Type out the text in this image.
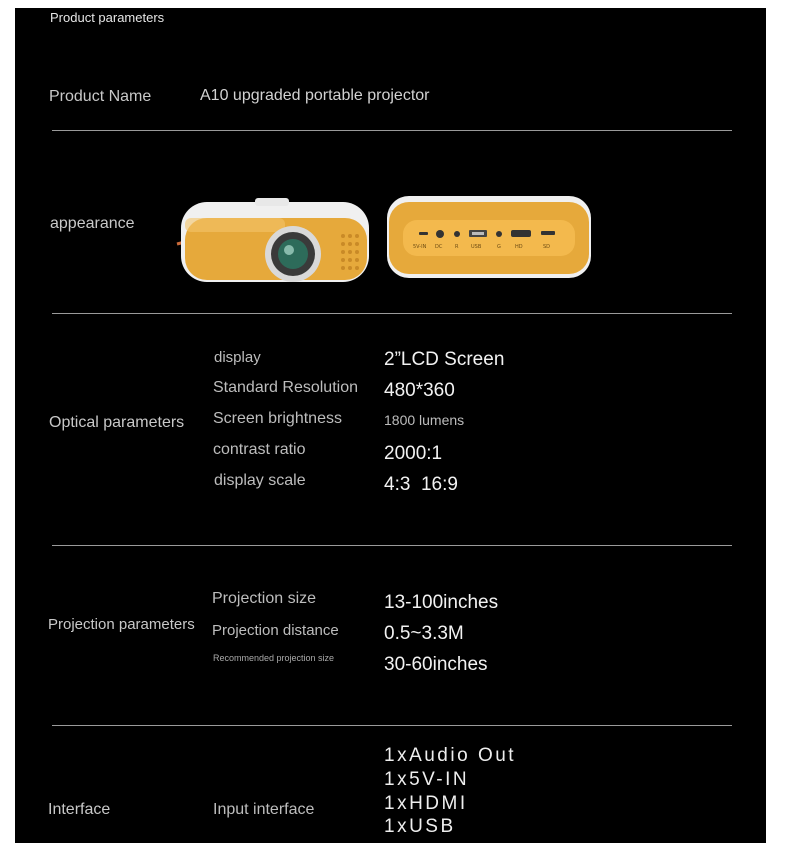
Product parameters
Product Name	A10 upgraded portable projector
appearance
5V-IN DC	R	USB	G	HD	SD
Optical parameters
display	2”LCD Screen
Standard Resolution 480*360
Screen brightness	1800 lumens
contrast ratio	2000:1
display scale	4:3  16:9
Projection parameters
Projection size	13-100inches
Projection distance 0.5~3.3M
Recommended projection size	30-60inches
Interface	Input interface
1xAudio Out
1x5V-IN
1xHDMI
1xUSB
